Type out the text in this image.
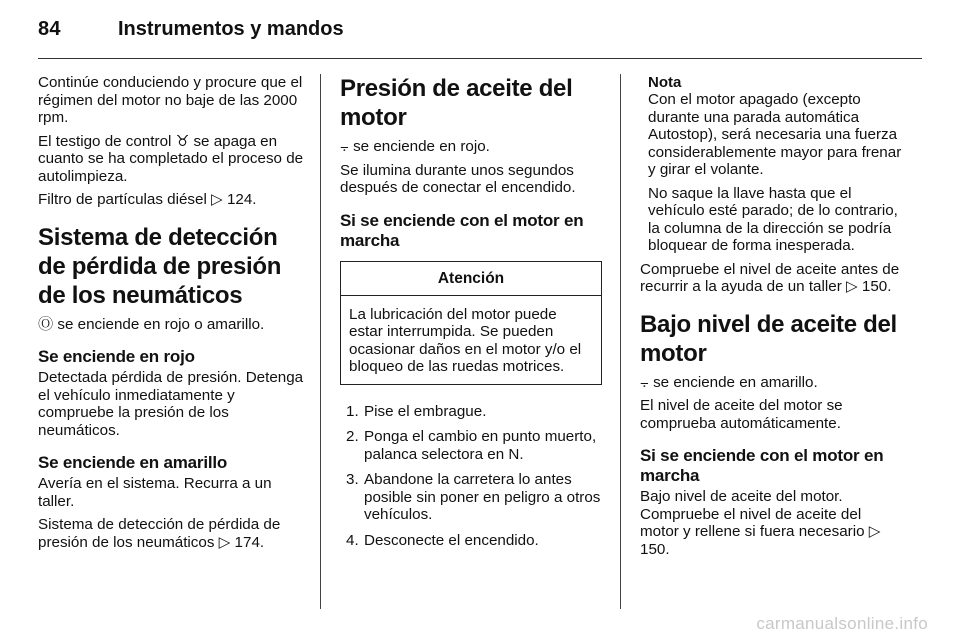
84	Instrumentos y mandos

Continúe conduciendo y procure que el régimen del motor no baje de las 2000 rpm.

El testigo de control ♉ se apaga en cuanto se ha completado el proceso de autolimpieza.

Filtro de partículas diésel ▷ 124.

Sistema de detección de pérdida de presión de los neumáticos

Ⓞ se enciende en rojo o amarillo.

Se enciende en rojo

Detectada pérdida de presión. Detenga el vehículo inmediatamente y compruebe la presión de los neumáticos.

Se enciende en amarillo

Avería en el sistema. Recurra a un taller.

Sistema de detección de pérdida de presión de los neumáticos ▷ 174.

Presión de aceite del motor

⨪ se enciende en rojo.

Se ilumina durante unos segundos después de conectar el encendido.

Si se enciende con el motor en marcha
Atención
La lubricación del motor puede estar interrumpida. Se pueden ocasionar daños en el motor y/o el bloqueo de las ruedas motrices.
1. Pise el embrague.
2. Ponga el cambio en punto muerto, palanca selectora en N.
3. Abandone la carretera lo antes posible sin poner en peligro a otros vehículos.
4. Desconecte el encendido.
Nota

Con el motor apagado (excepto durante una parada automática Autostop), será necesaria una fuerza considerablemente mayor para frenar y girar el volante.

No saque la llave hasta que el vehículo esté parado; de lo contrario, la columna de la dirección se podría bloquear de forma inesperada.

Compruebe el nivel de aceite antes de recurrir a la ayuda de un taller ▷ 150.

Bajo nivel de aceite del motor

⨪ se enciende en amarillo.

El nivel de aceite del motor se comprueba automáticamente.

Si se enciende con el motor en marcha

Bajo nivel de aceite del motor. Compruebe el nivel de aceite del motor y rellene si fuera necesario ▷ 150.

carmanualsonline.info
